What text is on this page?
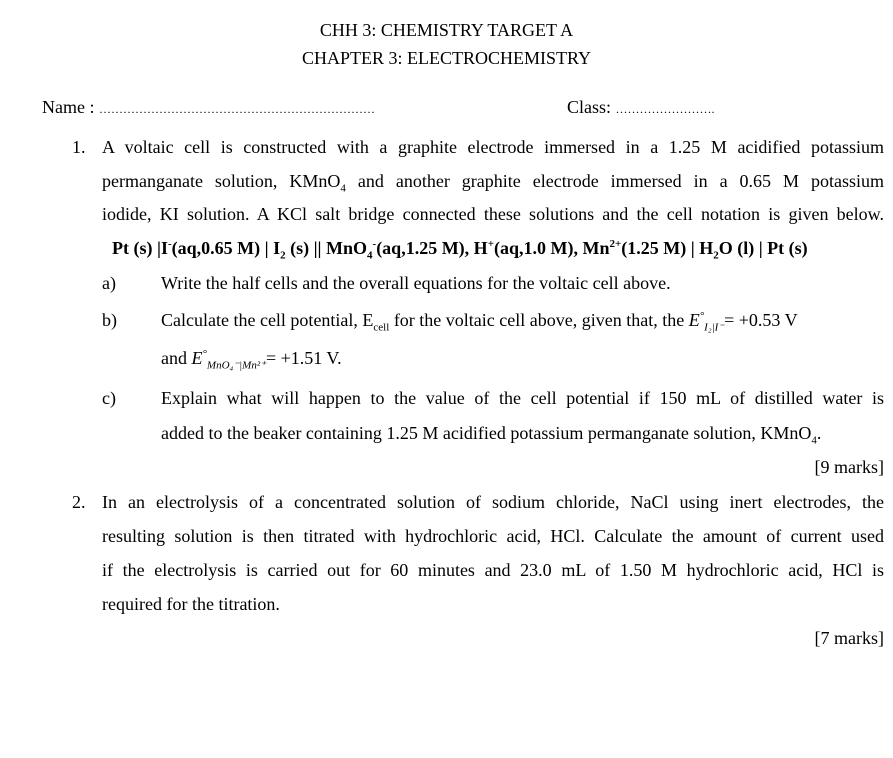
CHH 3: CHEMISTRY TARGET A
CHAPTER 3: ELECTROCHEMISTRY
Name : ……………………………………………………………	Class: …………………….
1. A voltaic cell is constructed with a graphite electrode immersed in a 1.25 M acidified potassium
permanganate solution, KMnO$_4$ and another graphite electrode immersed in a 0.65 M potassium
iodide, KI solution. A KCl salt bridge connected these solutions and the cell notation is given below.
Pt (s) |I-(aq,0.65 M) | $I_2$ (s) || MnO$_4$-(aq,1.25 M), H+(aq,1.0 M), $Mn^{2+}(1.25$ M) | $H_2O$ (l) | Pt (s)
a)	Write the half cells and the overall equations for the voltaic cell above.
b) Calculate the cell potential, $E_{cell}$ for the voltaic cell above, given that, the $E^\circ_{I_2|I^-}= +0.53$ V
and $E^\circ_{MnO_4^-|Mn^{2+}}= +1.51$ V.
c)	Explain what will happen to the value of the cell potential if 150 mL of distilled water is
added to the beaker containing 1.25 M acidified potassium permanganate solution, KMnO$_4$.
[9 marks]
2. In an electrolysis of a concentrated solution of sodium chloride, NaCl using inert electrodes, the
resulting solution is then titrated with hydrochloric acid, HCl. Calculate the amount of current used
if the electrolysis is carried out for 60 minutes and 23.0 mL of 1.50 M hydrochloric acid, HCl is
required for the titration.
[7 marks]
